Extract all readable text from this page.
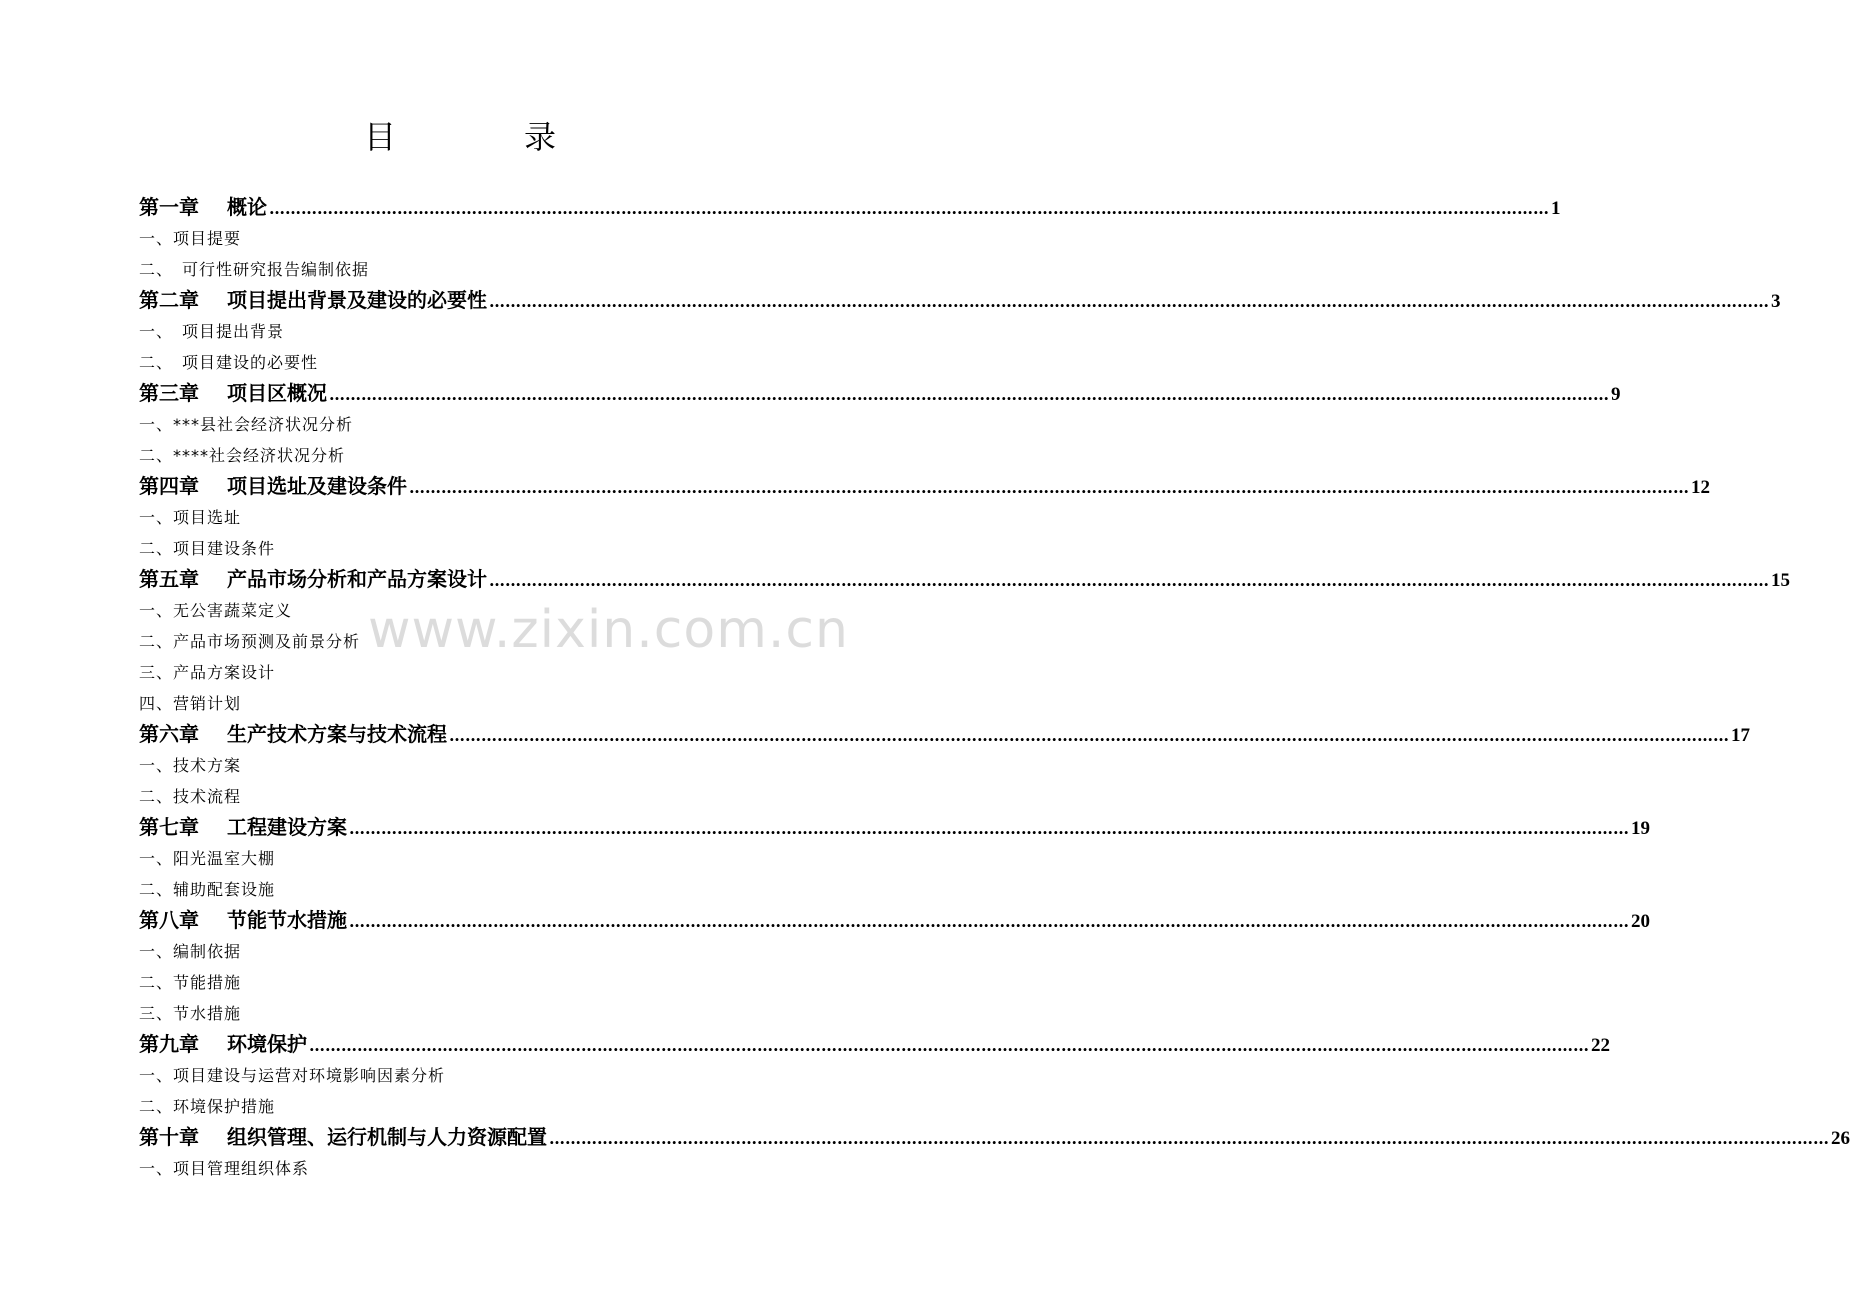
目　录
www.zixin.com.cn
第一章	概论 …………………………………………………………………………………………………………………………………………………………………………………………………………………… 1
一、项目提要
二、　可行性研究报告编制依据
第二章	项目提出背景及建设的必要性 …………………………………………………………………………………………………………………………………………………………………………………………………………………… 3
一、　项目提出背景
二、　项目建设的必要性
第三章	项目区概况 …………………………………………………………………………………………………………………………………………………………………………………………………………………… 9
一、***县社会经济状况分析
二、****社会经济状况分析
第四章	项目选址及建设条件 …………………………………………………………………………………………………………………………………………………………………………………………………………………… 12
一、项目选址
二、项目建设条件
第五章	产品市场分析和产品方案设计 …………………………………………………………………………………………………………………………………………………………………………………………………………………… 15
一、无公害蔬菜定义
二、产品市场预测及前景分析
三、产品方案设计
四、营销计划
第六章	生产技术方案与技术流程 …………………………………………………………………………………………………………………………………………………………………………………………………………………… 17
一、技术方案
二、技术流程
第七章	工程建设方案 …………………………………………………………………………………………………………………………………………………………………………………………………………………… 19
一、阳光温室大棚
二、辅助配套设施
第八章	节能节水措施 …………………………………………………………………………………………………………………………………………………………………………………………………………………… 20
一、编制依据
二、节能措施
三、节水措施
第九章	环境保护 …………………………………………………………………………………………………………………………………………………………………………………………………………………… 22
一、项目建设与运营对环境影响因素分析
二、环境保护措施
第十章	组织管理、运行机制与人力资源配置 …………………………………………………………………………………………………………………………………………………………………………………………………………………… 26
一、项目管理组织体系
